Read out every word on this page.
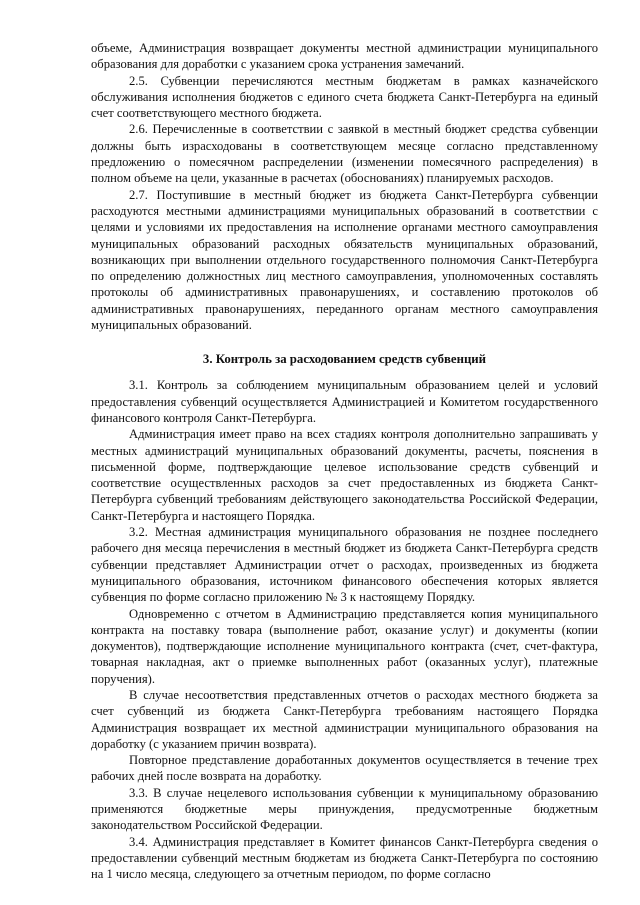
объеме, Администрация возвращает документы местной администрации муниципального образования для доработки с указанием срока устранения замечаний.

2.5. Субвенции перечисляются местным бюджетам в рамках казначейского обслуживания исполнения бюджетов с единого счета бюджета Санкт-Петербурга на единый счет соответствующего местного бюджета.

2.6. Перечисленные в соответствии с заявкой в местный бюджет средства субвенции должны быть израсходованы в соответствующем месяце согласно представленному предложению о помесячном распределении (изменении помесячного распределения) в полном объеме на цели, указанные в расчетах (обоснованиях) планируемых расходов.

2.7. Поступившие в местный бюджет из бюджета Санкт-Петербурга субвенции расходуются местными администрациями муниципальных образований в соответствии с целями и условиями их предоставления на исполнение органами местного самоуправления муниципальных образований расходных обязательств муниципальных образований, возникающих при выполнении отдельного государственного полномочия Санкт-Петербурга по определению должностных лиц местного самоуправления, уполномоченных составлять протоколы об административных правонарушениях, и составлению протоколов об административных правонарушениях, переданного органам местного самоуправления муниципальных образований.

3. Контроль за расходованием средств субвенций

3.1. Контроль за соблюдением муниципальным образованием целей и условий предоставления субвенций осуществляется Администрацией и Комитетом государственного финансового контроля Санкт-Петербурга.

Администрация имеет право на всех стадиях контроля дополнительно запрашивать у местных администраций муниципальных образований документы, расчеты, пояснения в письменной форме, подтверждающие целевое использование средств субвенций и соответствие осуществленных расходов за счет предоставленных из бюджета Санкт-Петербурга субвенций требованиям действующего законодательства Российской Федерации, Санкт-Петербурга и настоящего Порядка.

3.2. Местная администрация муниципального образования не позднее последнего рабочего дня месяца перечисления в местный бюджет из бюджета Санкт-Петербурга средств субвенции представляет Администрации отчет о расходах, произведенных из бюджета муниципального образования, источником финансового обеспечения которых является субвенция по форме согласно приложению № 3 к настоящему Порядку.

Одновременно с отчетом в Администрацию представляется копия муниципального контракта на поставку товара (выполнение работ, оказание услуг) и документы (копии документов), подтверждающие исполнение муниципального контракта (счет, счет-фактура, товарная накладная, акт о приемке выполненных работ (оказанных услуг), платежные поручения).

В случае несоответствия представленных отчетов о расходах местного бюджета за счет субвенций из бюджета Санкт-Петербурга требованиям настоящего Порядка Администрация возвращает их местной администрации муниципального образования на доработку (с указанием причин возврата).

Повторное представление доработанных документов осуществляется в течение трех рабочих дней после возврата на доработку.

3.3. В случае нецелевого использования субвенции к муниципальному образованию применяются бюджетные меры принуждения, предусмотренные бюджетным законодательством Российской Федерации.

3.4. Администрация представляет в Комитет финансов Санкт-Петербурга сведения о предоставлении субвенций местным бюджетам из бюджета Санкт-Петербурга по состоянию на 1 число месяца, следующего за отчетным периодом, по форме согласно
